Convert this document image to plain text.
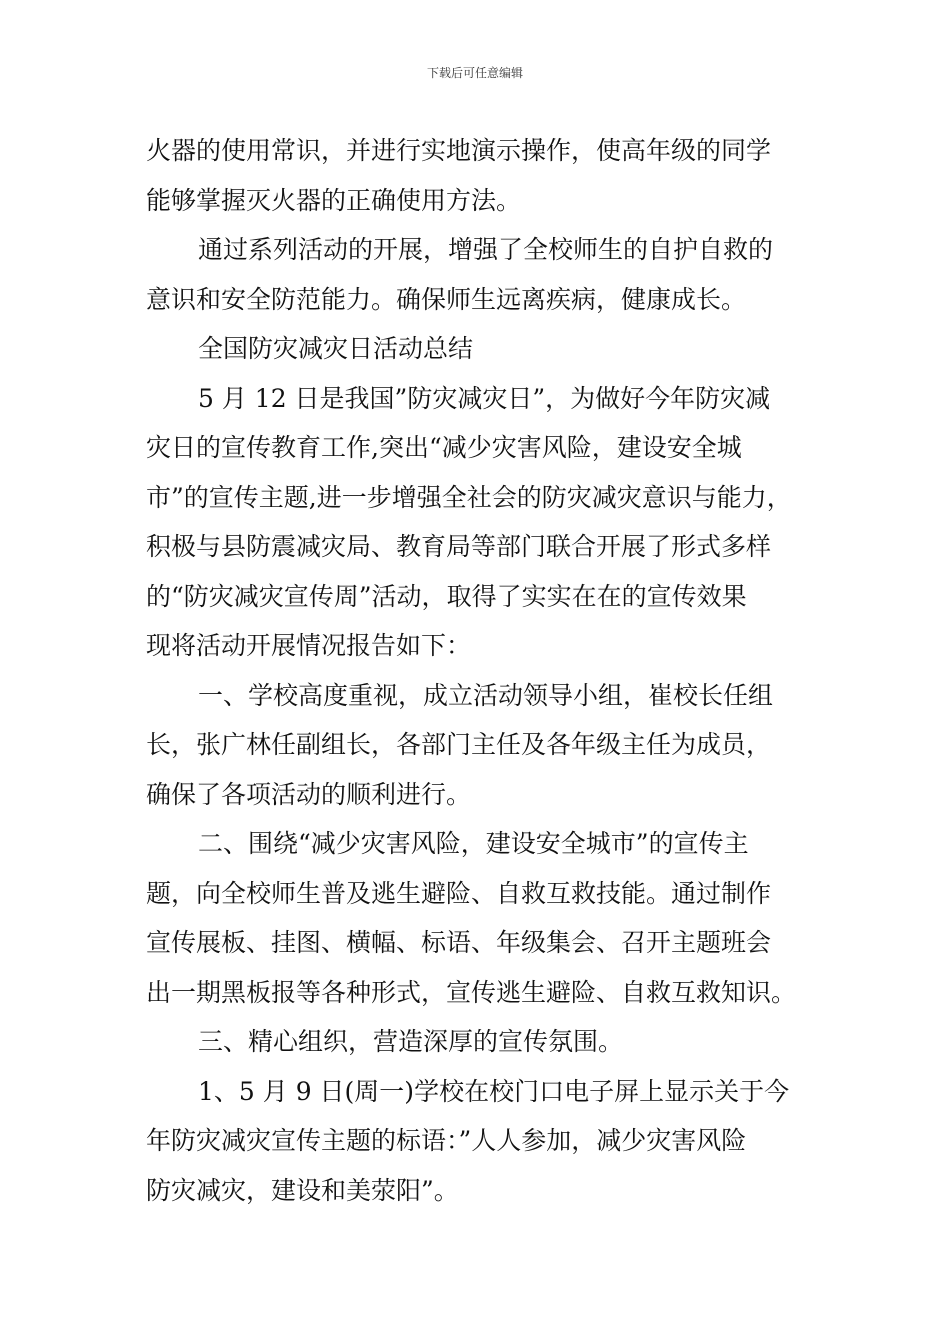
下载后可任意编辑
火器的使用常识，并进行实地演示操作，使高年级的同学
能够掌握灭火器的正确使用方法。
通过系列活动的开展，增强了全校师生的自护自救的
意识和安全防范能力。确保师生远离疾病，健康成长。
全国防灾减灾日活动总结
5 月 12 日是我国”防灾减灾日”，为做好今年防灾减
灾日的宣传教育工作,突出“减少灾害风险，建设安全城
市”的宣传主题,进一步增强全社会的防灾减灾意识与能力，
积极与县防震减灾局、教育局等部门联合开展了形式多样
的“防灾减灾宣传周”活动，取得了实实在在的宣传效果
现将活动开展情况报告如下：
一、学校高度重视，成立活动领导小组，崔校长任组
长，张广林任副组长，各部门主任及各年级主任为成员，
确保了各项活动的顺利进行。
二、围绕“减少灾害风险，建设安全城市”的宣传主
题，向全校师生普及逃生避险、自救互救技能。通过制作
宣传展板、挂图、横幅、标语、年级集会、召开主题班会
出一期黑板报等各种形式，宣传逃生避险、自救互救知识。
三、精心组织，营造深厚的宣传氛围。
1、5 月 9 日(周一)学校在校门口电子屏上显示关于今
年防灾减灾宣传主题的标语：”人人参加，减少灾害风险
防灾减灾，建设和美荥阳”。
